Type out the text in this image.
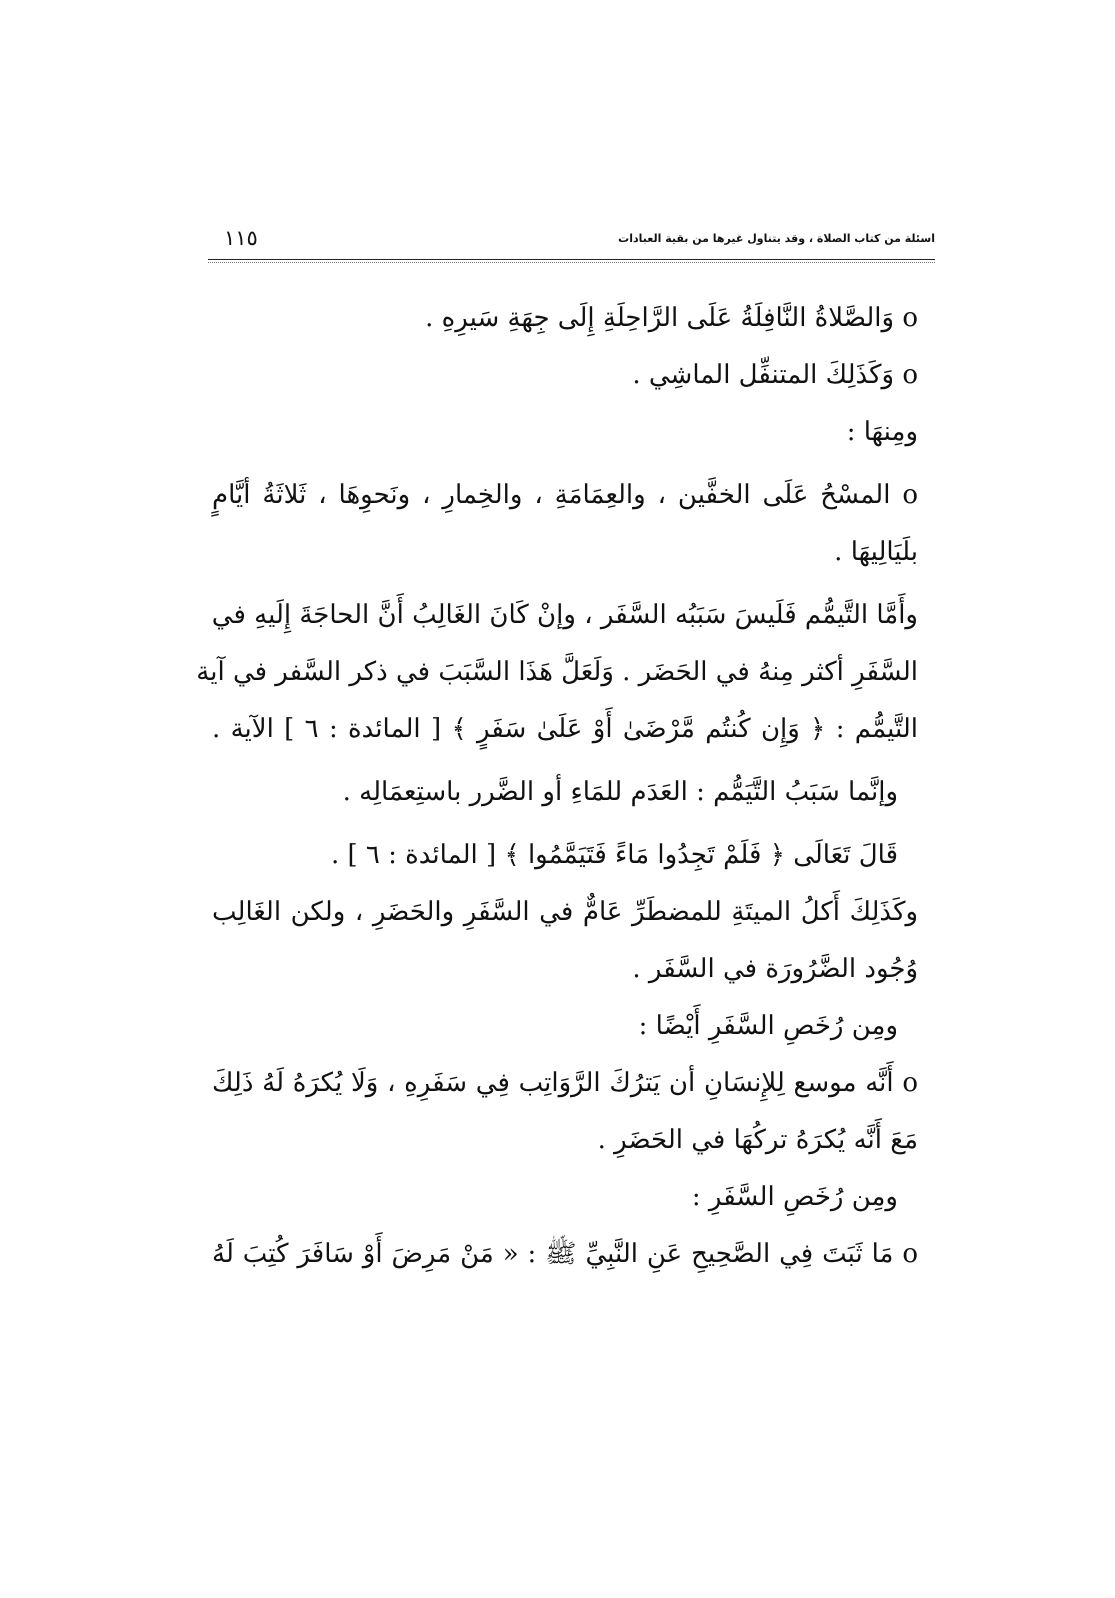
اسئلة من كتاب الصلاة ، وقد يتناول غيرها من بقية العبادات
١١٥
o وَالصَّلاةُ النَّافِلَةُ عَلَى الرَّاحِلَةِ إِلَى جِهَةِ سَيرِهِ .
o وَكَذَلِكَ المتنفِّل الماشِي .
ومِنهَا :
o المسْحُ عَلَى الخفَّين ، والعِمَامَةِ ، والخِمارِ ، ونَحوِهَا ، ثَلاثَةُ أيَّامٍ
بلَيَالِيهَا .
وأَمَّا التَّيمُّم فَلَيسَ سَبَبُه السَّفَر ، وإنْ كَانَ الغَالِبُ أَنَّ الحاجَةَ إِلَيهِ في
السَّفَرِ أكثر مِنهُ في الحَضَر . وَلَعَلَّ هَذَا السَّبَبَ في ذكر السَّفر في آية
التَّيمُّم : ﴿ وَإِن كُنتُم مَّرْضَىٰ أَوْ عَلَىٰ سَفَرٍ ﴾ [ المائدة : ٦ ] الآية .
وإنَّما سَبَبُ التَّيَمُّم : العَدَم للمَاءِ أو الضَّرر باستِعمَالِه .
قَالَ تَعَالَى ﴿ فَلَمْ تَجِدُوا مَاءً فَتَيَمَّمُوا ﴾ [ المائدة : ٦ ] .
وكَذَلِكَ أَكلُ الميتَةِ للمضطَرِّ عَامٌّ في السَّفَرِ والحَضَرِ ، ولكن الغَالِب
وُجُود الضَّرُورَة في السَّفَر .
ومِن رُخَصِ السَّفَرِ أَيْضًا :
o أَنَّه موسع لِلإِنسَانِ أن يَترُكَ الرَّوَاتِب فِي سَفَرِهِ ، وَلَا يُكرَهُ لَهُ ذَلِكَ
مَعَ أَنَّه يُكرَهُ تركُهَا في الحَضَرِ .
ومِن رُخَصِ السَّفَرِ :
o مَا ثَبَتَ فِي الصَّحِيحِ عَنِ النَّبِيِّ ﷺ : « مَنْ مَرِضَ أَوْ سَافَرَ كُتِبَ لَهُ
